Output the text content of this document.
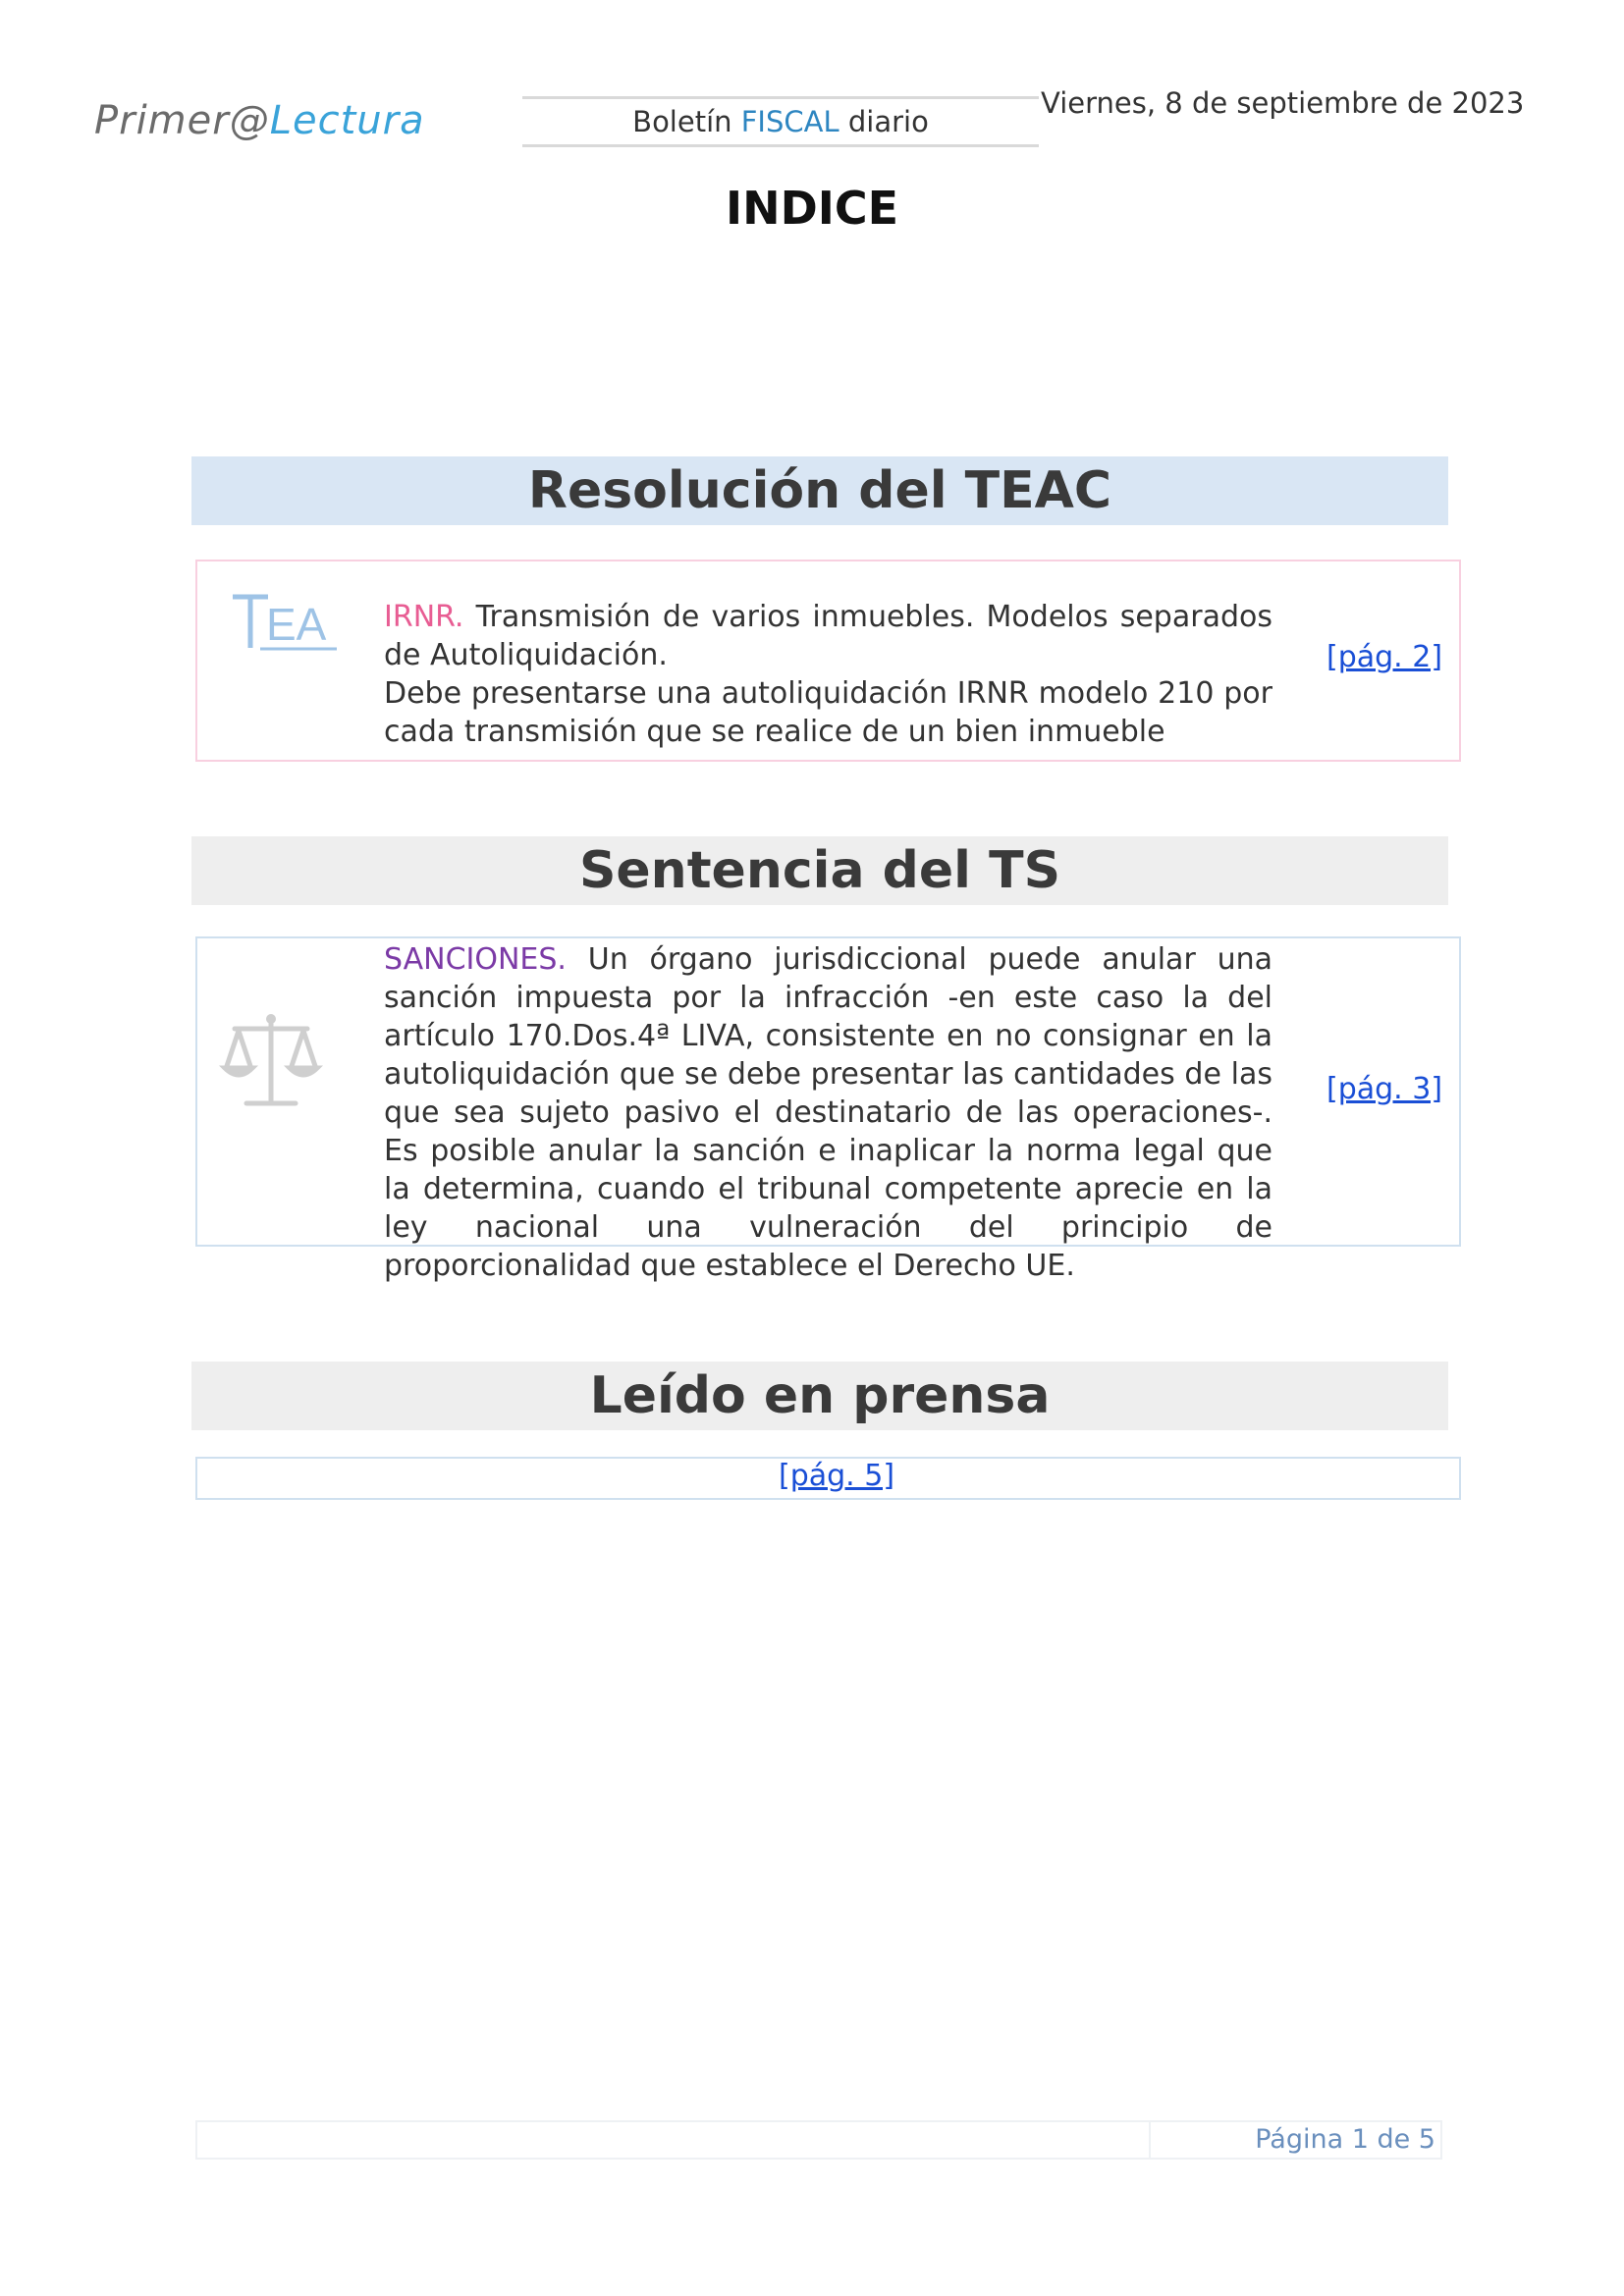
Primer@Lectura	Boletín FISCAL diario
Viernes, 8 de septiembre de 2023
INDICE
Resolución del TEAC
EA IRNR. Transmisión de varios inmuebles. Modelos separados de Autoliquidación.
Debe presentarse una autoliquidación IRNR modelo 210 por cada transmisión que se realice de un bien inmueble
[pág. 2]
Sentencia del TS
SANCIONES. Un órgano jurisdiccional puede anular una sanción impuesta por la infracción -en este caso la del artículo 170.Dos.4ª LIVA, consistente en no consignar en la autoliquidación que se debe presentar las cantidades de las que sea sujeto pasivo el destinatario de las operaciones-. Es posible anular la sanción e inaplicar la norma legal que la determina, cuando el tribunal competente aprecie en la ley nacional una vulneración del principio de proporcionalidad que establece el Derecho UE.
[pág. 3]
Leído en prensa
[pág. 5]
Página 1 de 5
